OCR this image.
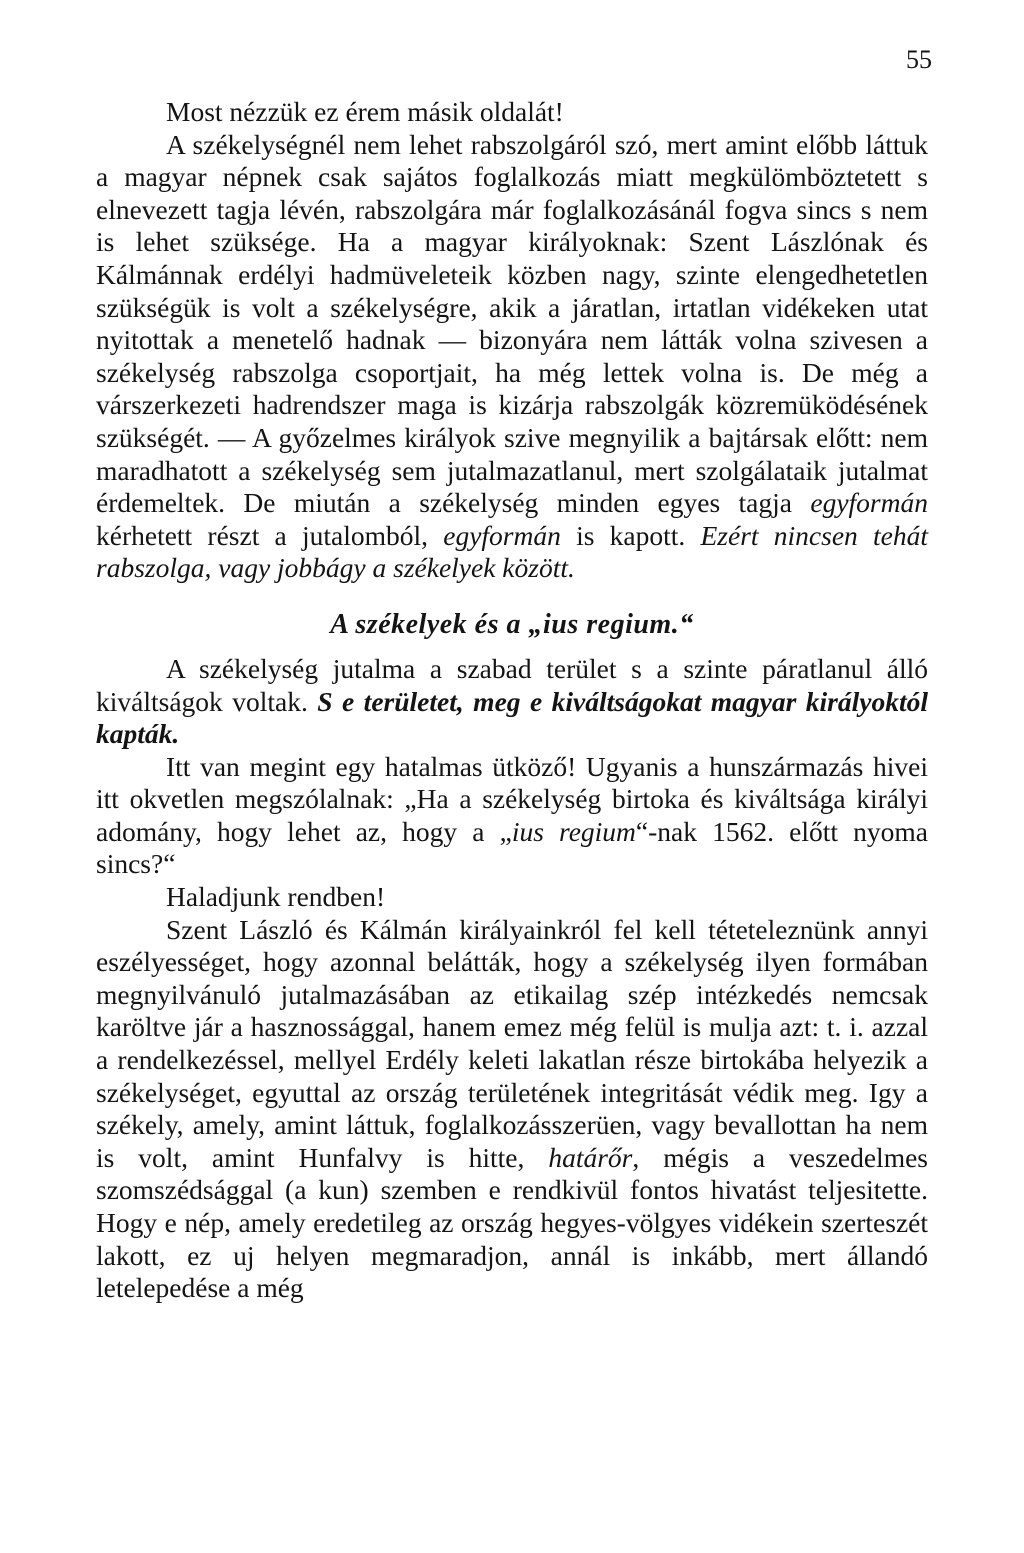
55

Most nézzük ez érem másik oldalát!

A székelységnél nem lehet rabszolgáról szó, mert amint előbb láttuk a magyar népnek csak sajátos foglalkozás miatt megkülömböztetett s elnevezett tagja lévén, rabszolgára már foglalkozásánál fogva sincs s nem is lehet szüksége. Ha a magyar királyoknak: Szent Lászlónak és Kálmánnak erdélyi hadmüveleteik közben nagy, szinte elengedhetetlen szükségük is volt a székelységre, akik a járatlan, irtatlan vidékeken utat nyitottak a menetelő hadnak — bizonyára nem látták volna szivesen a székelység rabszolga csoportjait, ha még lettek volna is. De még a várszerkezeti hadrendszer maga is kizárja rabszolgák közremüködésének szükségét. — A győzelmes királyok szive megnyilik a bajtársak előtt: nem maradhatott a székelység sem jutalmazatlanul, mert szolgálataik jutalmat érdemeltek. De miután a székelység minden egyes tagja egyformán kérhetett részt a jutalomból, egyformán is kapott. Ezért nincsen tehát rabszolga, vagy jobbágy a székelyek között.

A székelyek és a „ius regium.“

A székelység jutalma a szabad terület s a szinte páratlanul álló kiváltságok voltak. S e területet, meg e kiváltságokat magyar királyoktól kapták.

Itt van megint egy hatalmas ütköző! Ugyanis a hunszármazás hivei itt okvetlen megszólalnak: „Ha a székelység birtoka és kiváltsága királyi adomány, hogy lehet az, hogy a „ius regium“-nak 1562. előtt nyoma sincs?“

Haladjunk rendben!

Szent László és Kálmán királyainkról fel kell téteteleznünk annyi eszélyességet, hogy azonnal belátták, hogy a székelység ilyen formában megnyilvánuló jutalmazásában az etikailag szép intézkedés nemcsak karöltve jár a hasznossággal, hanem emez még felül is mulja azt: t. i. azzal a rendelkezéssel, mellyel Erdély keleti lakatlan része birtokába helyezik a székelységet, egyuttal az ország területének integritását védik meg. Igy a székely, amely, amint láttuk, foglalkozásszerüen, vagy bevallottan ha nem is volt, amint Hunfalvy is hitte, határőr, mégis a veszedelmes szomszédsággal (a kun) szemben e rendkivül fontos hivatást teljesitette. Hogy e nép, amely eredetileg az ország hegyes-völgyes vidékein szerteszét lakott, ez uj helyen megmaradjon, annál is inkább, mert állandó letelepedése a még
